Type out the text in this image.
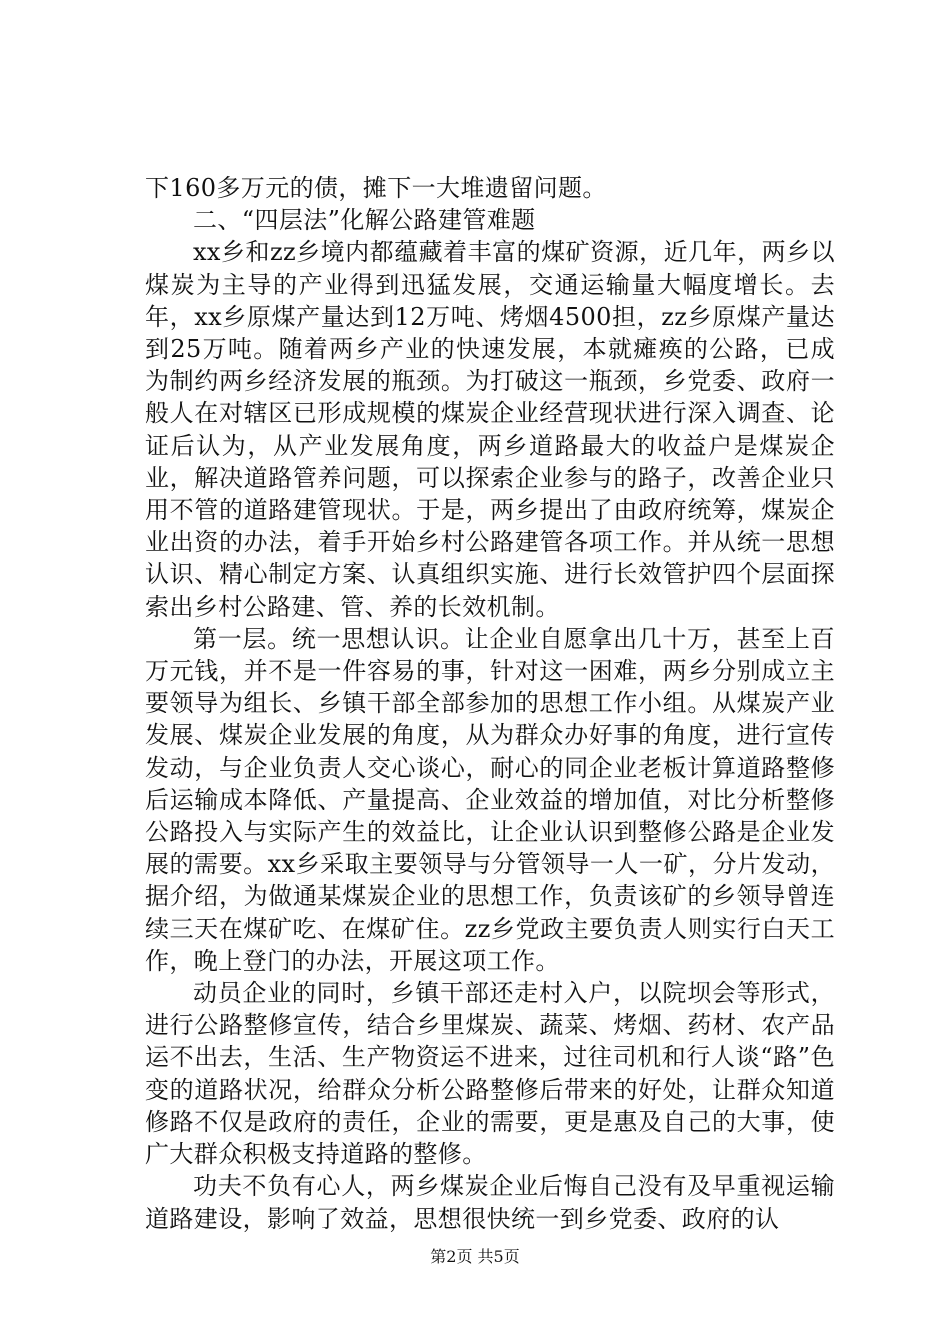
下160多万元的债，摊下一大堆遗留问题。

二、“四层法”化解公路建管难题

xx乡和zz乡境内都蕴藏着丰富的煤矿资源，近几年，两乡以煤炭为主导的产业得到迅猛发展，交通运输量大幅度增长。去年，xx乡原煤产量达到12万吨、烤烟4500担，zz乡原煤产量达到25万吨。随着两乡产业的快速发展，本就瘫痪的公路，已成为制约两乡经济发展的瓶颈。为打破这一瓶颈，乡党委、政府一般人在对辖区已形成规模的煤炭企业经营现状进行深入调查、论证后认为，从产业发展角度，两乡道路最大的收益户是煤炭企业，解决道路管养问题，可以探索企业参与的路子，改善企业只用不管的道路建管现状。于是，两乡提出了由政府统筹，煤炭企业出资的办法，着手开始乡村公路建管各项工作。并从统一思想认识、精心制定方案、认真组织实施、进行长效管护四个层面探索出乡村公路建、管、养的长效机制。

第一层。统一思想认识。让企业自愿拿出几十万，甚至上百万元钱，并不是一件容易的事，针对这一困难，两乡分别成立主要领导为组长、乡镇干部全部参加的思想工作小组。从煤炭产业发展、煤炭企业发展的角度，从为群众办好事的角度，进行宣传发动，与企业负责人交心谈心，耐心的同企业老板计算道路整修后运输成本降低、产量提高、企业效益的增加值，对比分析整修公路投入与实际产生的效益比，让企业认识到整修公路是企业发展的需要。xx乡采取主要领导与分管领导一人一矿，分片发动，据介绍，为做通某煤炭企业的思想工作，负责该矿的乡领导曾连续三天在煤矿吃、在煤矿住。zz乡党政主要负责人则实行白天工作，晚上登门的办法，开展这项工作。

动员企业的同时，乡镇干部还走村入户，以院坝会等形式，进行公路整修宣传，结合乡里煤炭、蔬菜、烤烟、药材、农产品运不出去，生活、生产物资运不进来，过往司机和行人谈“路”色变的道路状况，给群众分析公路整修后带来的好处，让群众知道修路不仅是政府的责任，企业的需要，更是惠及自己的大事，使广大群众积极支持道路的整修。

功夫不负有心人，两乡煤炭企业后悔自己没有及早重视运输道路建设，影响了效益，思想很快统一到乡党委、政府的认

第2页 共5页
